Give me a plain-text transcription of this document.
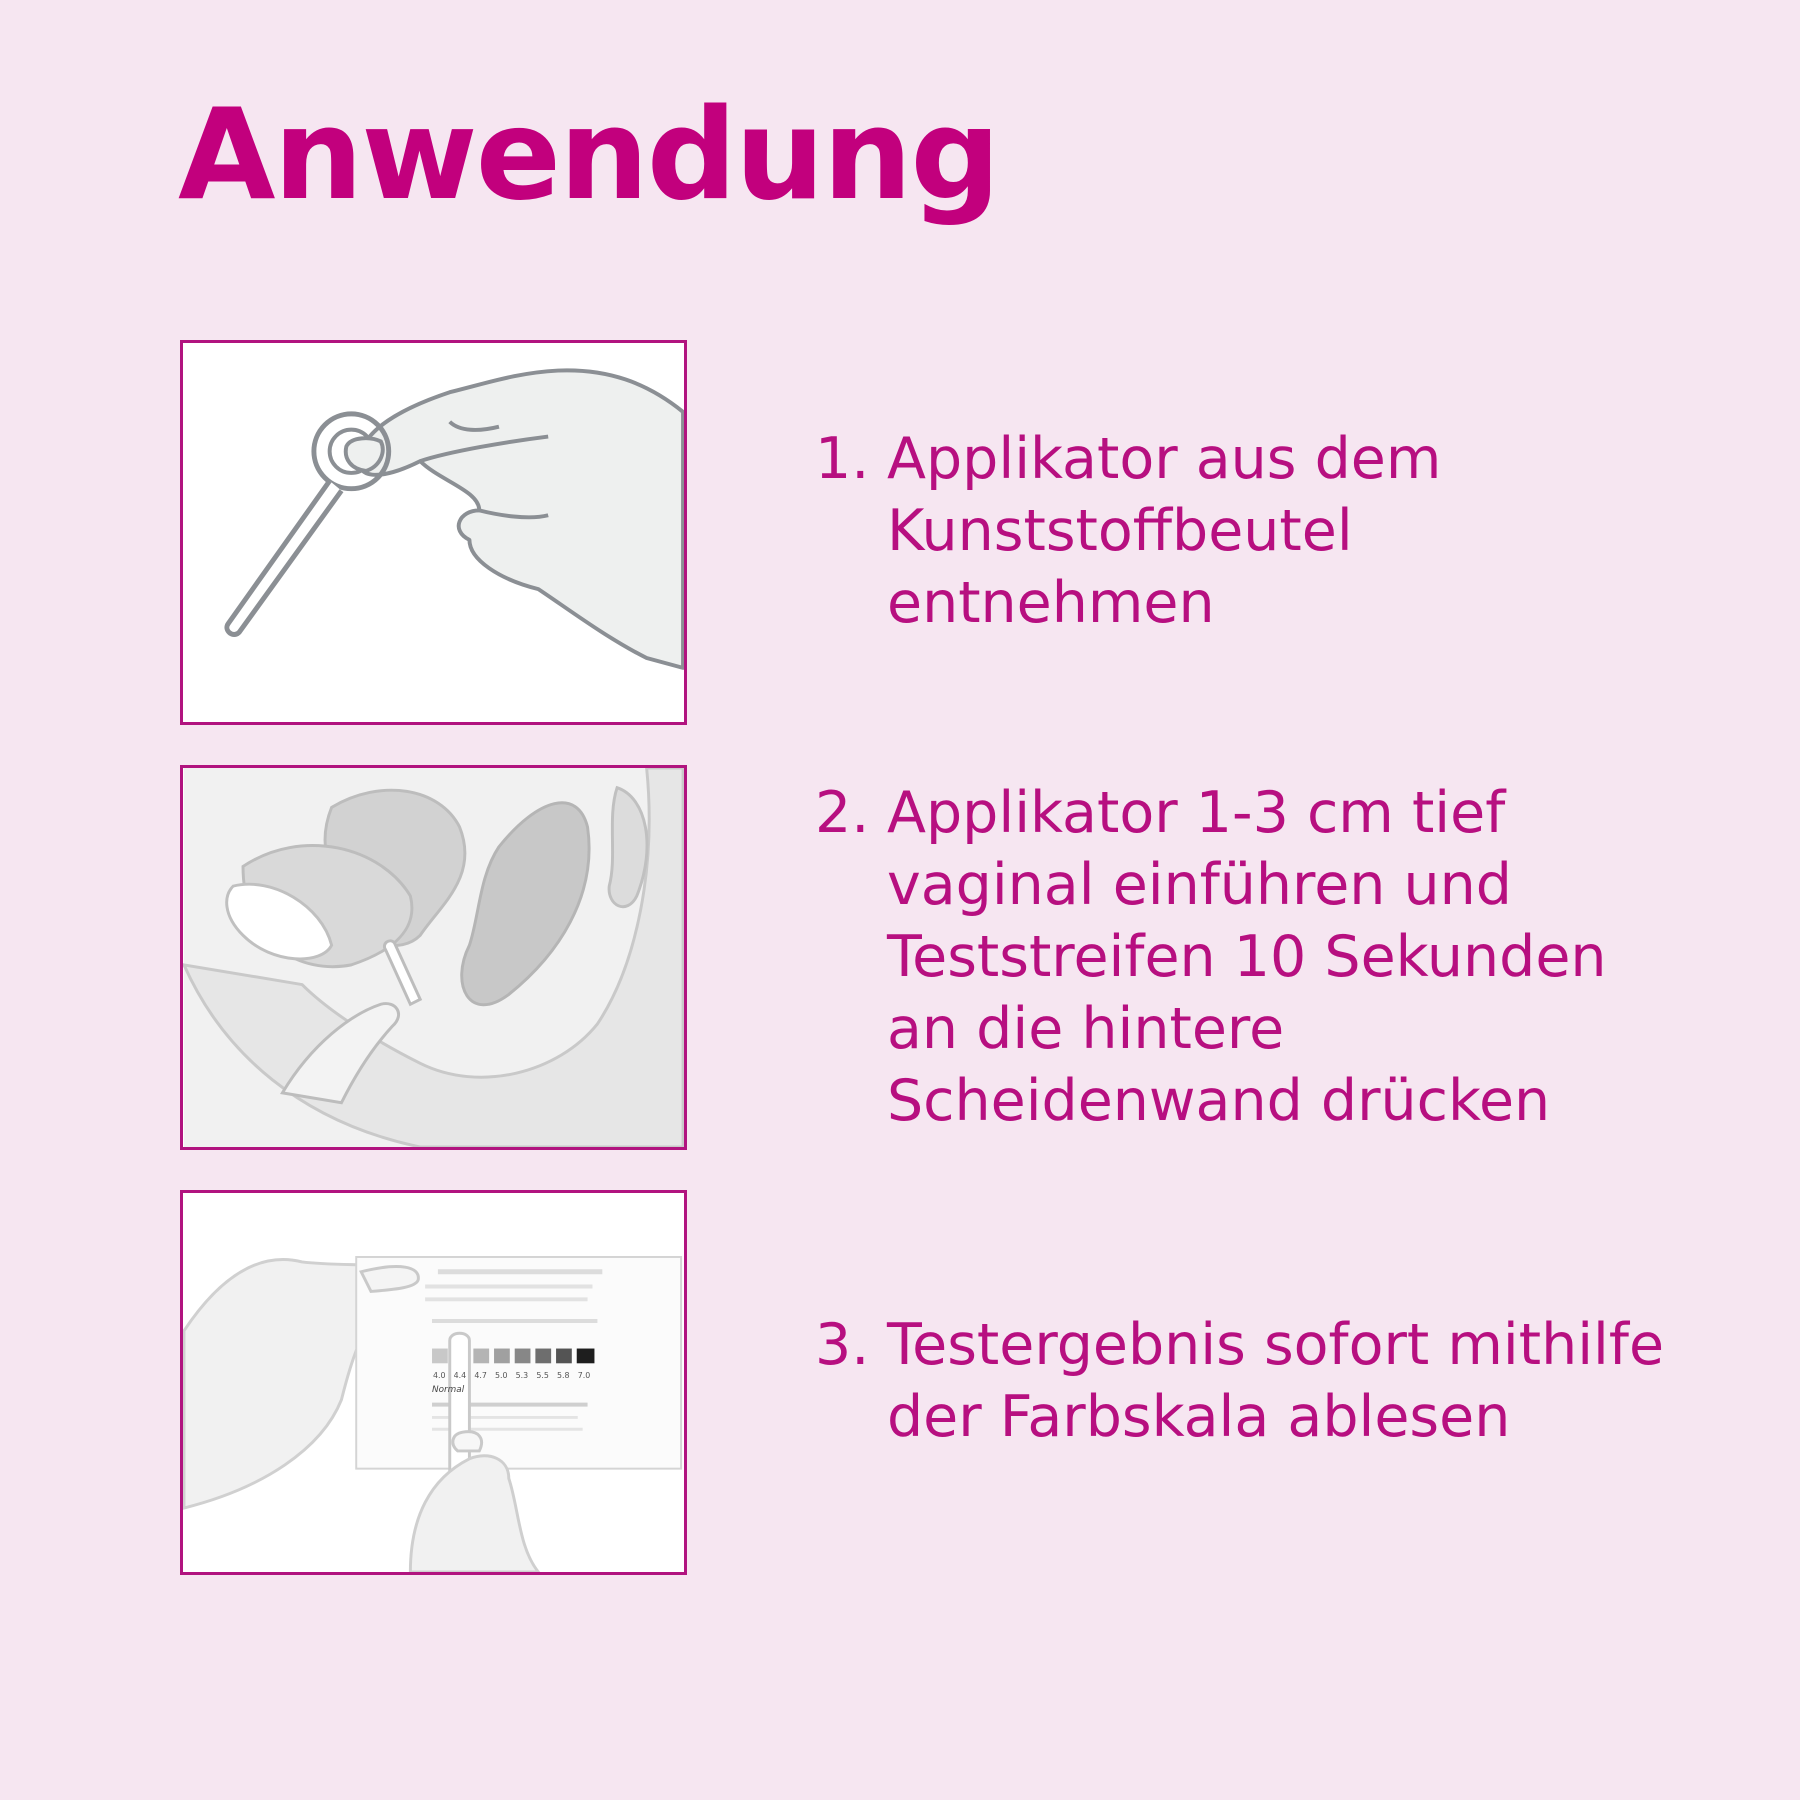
Anwendung
4.0 4.4 4.7 5.0 5.3 5.5 5.8 7.0
Normal
1. Applikator aus dem
Kunststoffbeutel
entnehmen
2. Applikator 1-3 cm tief
vaginal einführen und
Teststreifen 10 Sekunden
an die hintere
Scheidenwand drücken
3. Testergebnis sofort mithilfe
der Farbskala ablesen
